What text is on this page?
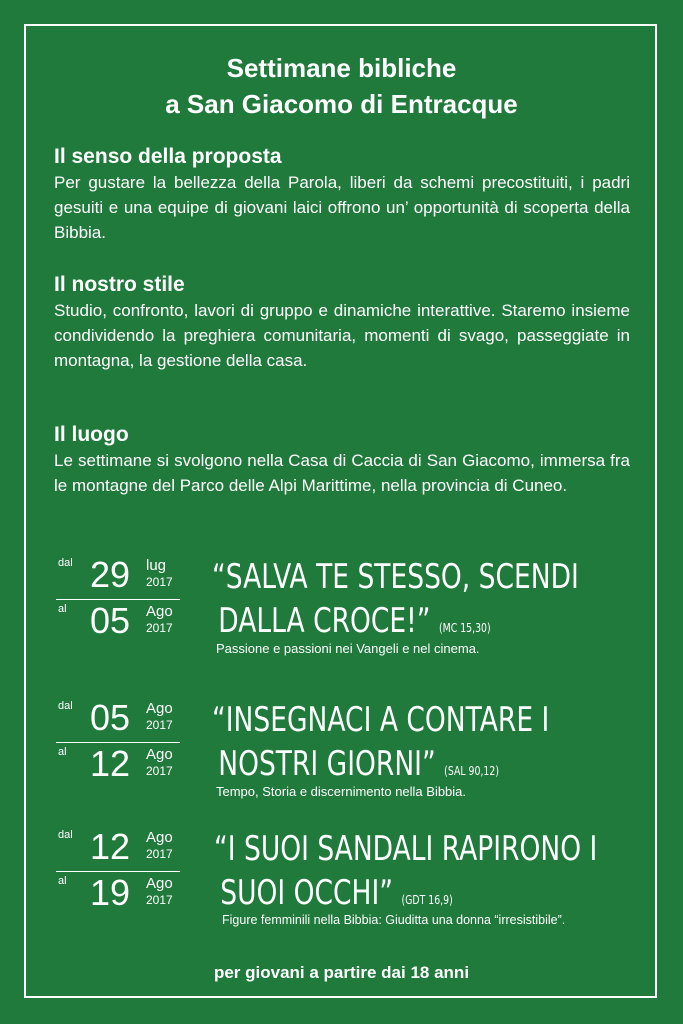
Settimane bibliche
a San Giacomo di Entracque
Il senso della proposta

Per gustare la bellezza della Parola, liberi da schemi precostituiti, i padri gesuiti e una equipe di giovani laici offrono un’ opportunità di scoperta della Bibbia.

Il nostro stile

Studio, confronto, lavori di gruppo e dinamiche interattive. Staremo insieme condividendo la preghiera comunitaria, momenti di svago, passeggiate in montagna, la gestione della casa.

Il luogo

Le settimane si svolgono nella Casa di Caccia di San Giacomo, immersa fra le montagne del Parco delle Alpi Marittime, nella provincia di Cuneo.

dal 29 lug
2017
al 05 Ago
2017
“SALVA TE STESSO, SCENDI
DALLA CROCE!” (MC 15,30)
Passione e passioni nei Vangeli e nel cinema.
dal 05 Ago
2017
al 12 Ago
2017
“INSEGNACI A CONTARE I
NOSTRI GIORNI” (SAL 90,12)
Tempo, Storia e discernimento nella Bibbia.
dal 12 Ago
2017
al 19 Ago
2017
“I SUOI SANDALI RAPIRONO I
SUOI OCCHI” (GDT 16,9)
Figure femminili nella Bibbia: Giuditta una donna “irresistibile”.
per giovani a partire dai 18 anni
